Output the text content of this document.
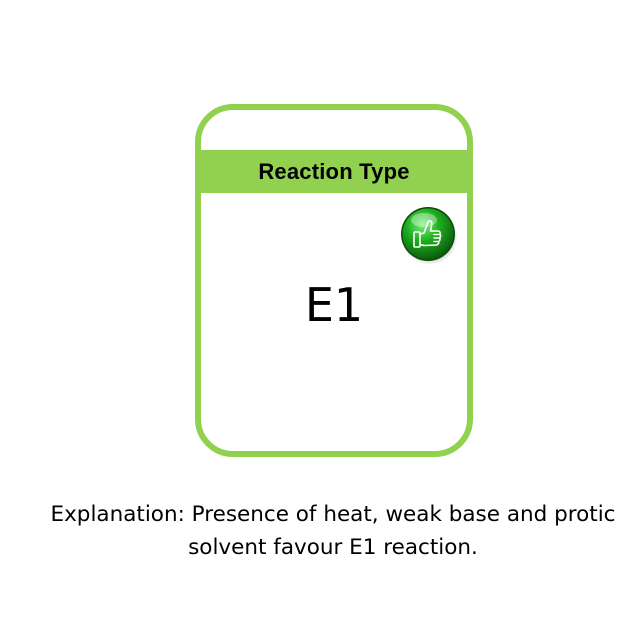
Reaction Type
E1
Explanation: Presence of heat, weak base and protic
solvent favour E1 reaction.
